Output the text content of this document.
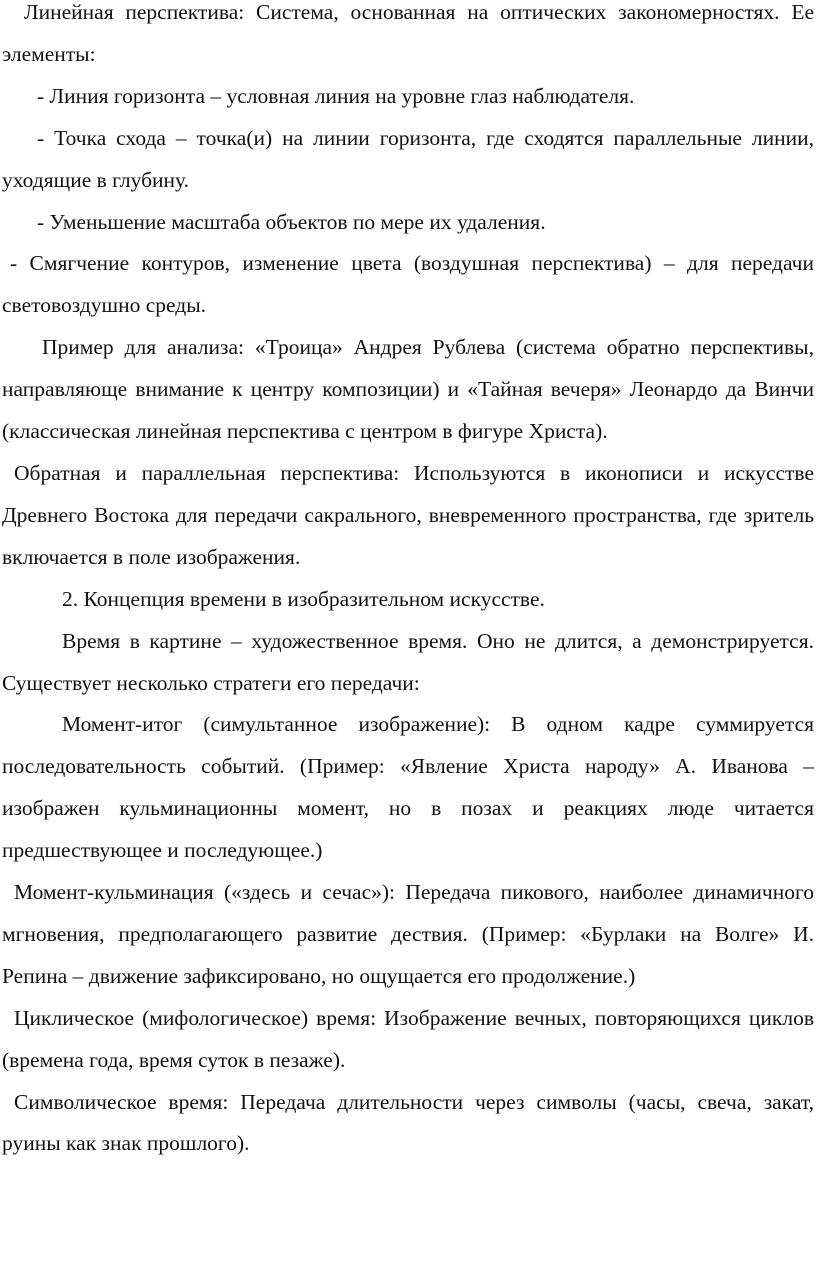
Линейная перспектива: Система, основанная на оптических закономерностях. Ее элементы:

- Линия горизонта – условная линия на уровне глаз наблюдателя.

- Точка схода – точка(и) на линии горизонта, где сходятся параллельные линии, уходящие в глубину.

- Уменьшение масштаба объектов по мере их удаления.

- Смягчение контуров, изменение цвета (воздушная перспектива) – для передачи световоздушно среды.

Пример для анализа: «Троица» Андрея Рублева (система обратно перспективы, направляюще внимание к центру композиции) и «Тайная вечеря» Леонардо да Винчи (классическая линейная перспектива с центром в фигуре Христа).

Обратная и параллельная перспектива: Используются в иконописи и искусстве Древнего Востока для передачи сакрального, вневременного пространства, где зритель включается в поле изображения.

2. Концепция времени в изобразительном искусстве.

Время в картине – художественное время. Оно не длится, а демонстрируется. Существует несколько стратеги его передачи:

Момент-итог (симультанное изображение): В одном кадре суммируется последовательность событий. (Пример: «Явление Христа народу» А. Иванова – изображен кульминационны момент, но в позах и реакциях люде читается предшествующее и последующее.)

Момент-кульминация («здесь и сечас»): Передача пикового, наиболее динамичного мгновения, предполагающего развитие дествия. (Пример: «Бурлаки на Волге» И. Репина – движение зафиксировано, но ощущается его продолжение.)

Циклическое (мифологическое) время: Изображение вечных, повторяющихся циклов (времена года, время суток в пезаже).

Символическое время: Передача длительности через символы (часы, свеча, закат, руины как знак прошлого).
